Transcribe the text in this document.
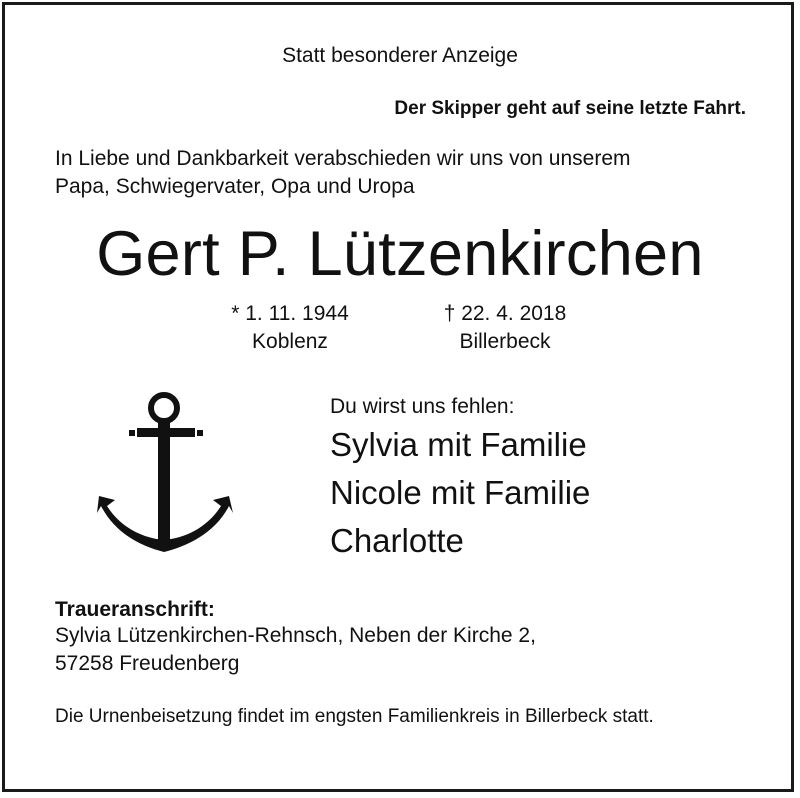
Statt besonderer Anzeige
Der Skipper geht auf seine letzte Fahrt.
In Liebe und Dankbarkeit verabschieden wir uns von unserem
Papa, Schwiegervater, Opa und Uropa
Gert P. Lützenkirchen
* 1. 11. 1944
Koblenz
† 22. 4. 2018
Billerbeck
Du wirst uns fehlen:
Sylvia mit Familie
Nicole mit Familie
Charlotte
Traueranschrift:
Sylvia Lützenkirchen-Rehnsch, Neben der Kirche 2,
57258 Freudenberg
Die Urnenbeisetzung findet im engsten Familienkreis in Billerbeck statt.
